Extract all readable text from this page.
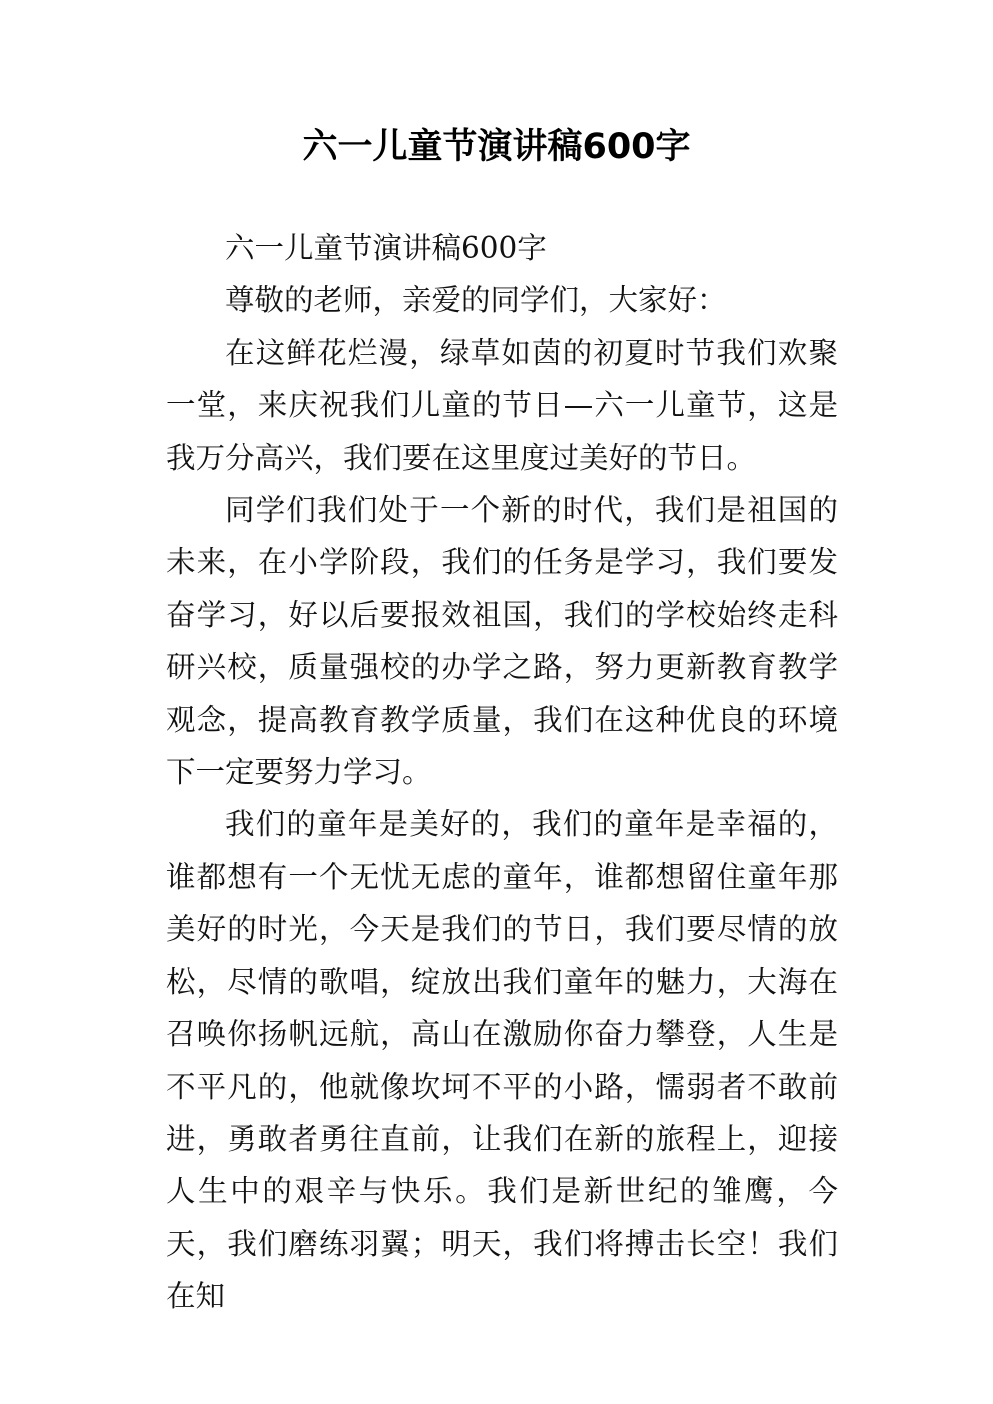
六一儿童节演讲稿600字

六一儿童节演讲稿600字

尊敬的老师，亲爱的同学们，大家好：

在这鲜花烂漫，绿草如茵的初夏时节我们欢聚一堂，来庆祝我们儿童的节日—六一儿童节，这是我万分高兴，我们要在这里度过美好的节日。

同学们我们处于一个新的时代，我们是祖国的未来，在小学阶段，我们的任务是学习，我们要发奋学习，好以后要报效祖国，我们的学校始终走科研兴校，质量强校的办学之路，努力更新教育教学观念，提高教育教学质量，我们在这种优良的环境下一定要努力学习。

我们的童年是美好的，我们的童年是幸福的，谁都想有一个无忧无虑的童年，谁都想留住童年那美好的时光，今天是我们的节日，我们要尽情的放松，尽情的歌唱，绽放出我们童年的魅力，大海在召唤你扬帆远航，高山在激励你奋力攀登，人生是不平凡的，他就像坎坷不平的小路，懦弱者不敢前进，勇敢者勇往直前，让我们在新的旅程上，迎接人生中的艰辛与快乐。我们是新世纪的雏鹰，今天，我们磨练羽翼；明天，我们将搏击长空！我们在知
